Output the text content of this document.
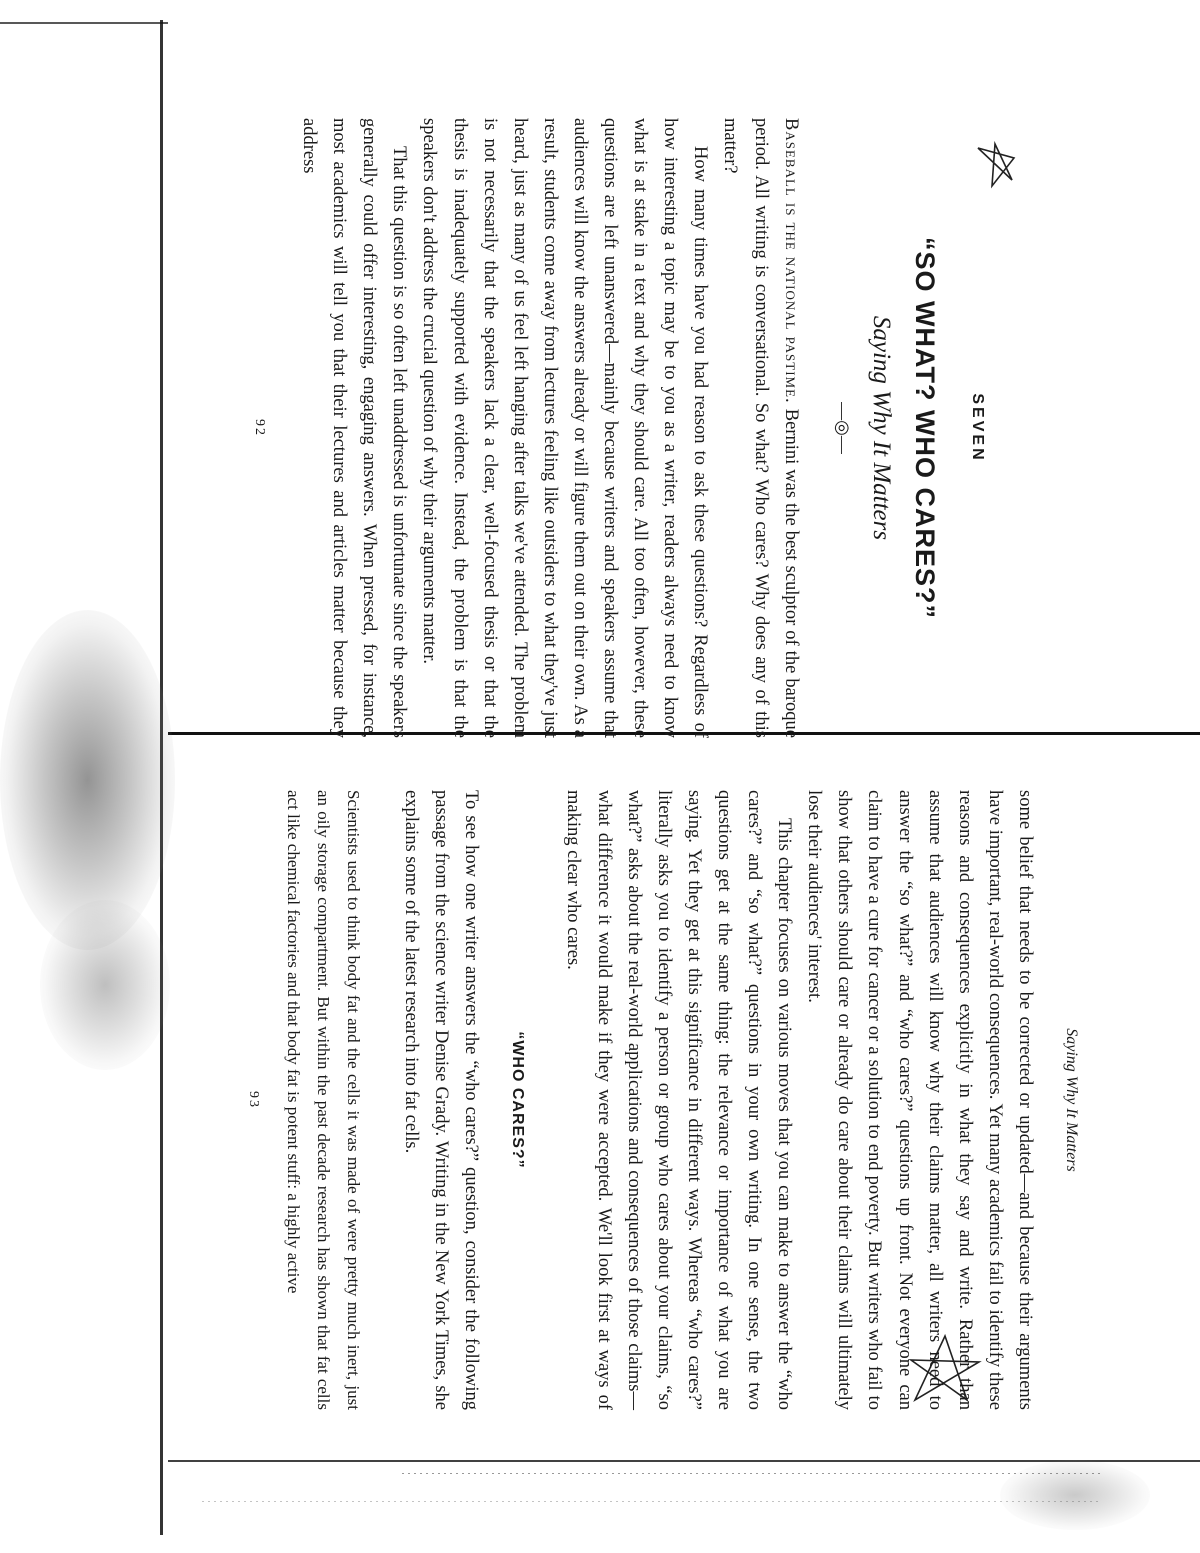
SEVEN
“SO WHAT? WHO CARES?”
Saying Why It Matters
—◎—

Baseball is the national pastime. Bernini was the best sculptor of the baroque period. All writing is conversational. So what? Who cares? Why does any of this matter?

How many times have you had reason to ask these questions? Regardless of how interesting a topic may be to you as a writer, readers always need to know what is at stake in a text and why they should care. All too often, however, these questions are left unanswered—mainly because writers and speakers assume that audiences will know the answers already or will figure them out on their own. As a result, students come away from lectures feeling like outsiders to what they've just heard, just as many of us feel left hanging after talks we've attended. The problem is not necessarily that the speakers lack a clear, well-focused thesis or that the thesis is inadequately supported with evidence. Instead, the problem is that the speakers don't address the crucial question of why their arguments matter.

That this question is so often left unaddressed is unfortunate since the speakers generally could offer interesting, engaging answers. When pressed, for instance, most academics will tell you that their lectures and articles matter because they address

92
Saying Why It Matters

some belief that needs to be corrected or updated—and because their arguments have important, real-world consequences. Yet many academics fail to identify these reasons and consequences explicitly in what they say and write. Rather than assume that audiences will know why their claims matter, all writers need to answer the “so what?” and “who cares?” questions up front. Not everyone can claim to have a cure for cancer or a solution to end poverty. But writers who fail to show that others should care or already do care about their claims will ultimately lose their audiences' interest.

This chapter focuses on various moves that you can make to answer the “who cares?” and “so what?” questions in your own writing. In one sense, the two questions get at the same thing: the relevance or importance of what you are saying. Yet they get at this significance in different ways. Whereas “who cares?” literally asks you to identify a person or group who cares about your claims, “so what?” asks about the real-world applications and consequences of those claims—what difference it would make if they were accepted. We'll look first at ways of making clear who cares.

“WHO CARES?”

To see how one writer answers the “who cares?” question, consider the following passage from the science writer Denise Grady. Writing in the New York Times, she explains some of the latest research into fat cells.

Scientists used to think body fat and the cells it was made of were pretty much inert, just an oily storage compartment. But within the past decade research has shown that fat cells act like chemical factories and that body fat is potent stuff: a highly active

93
